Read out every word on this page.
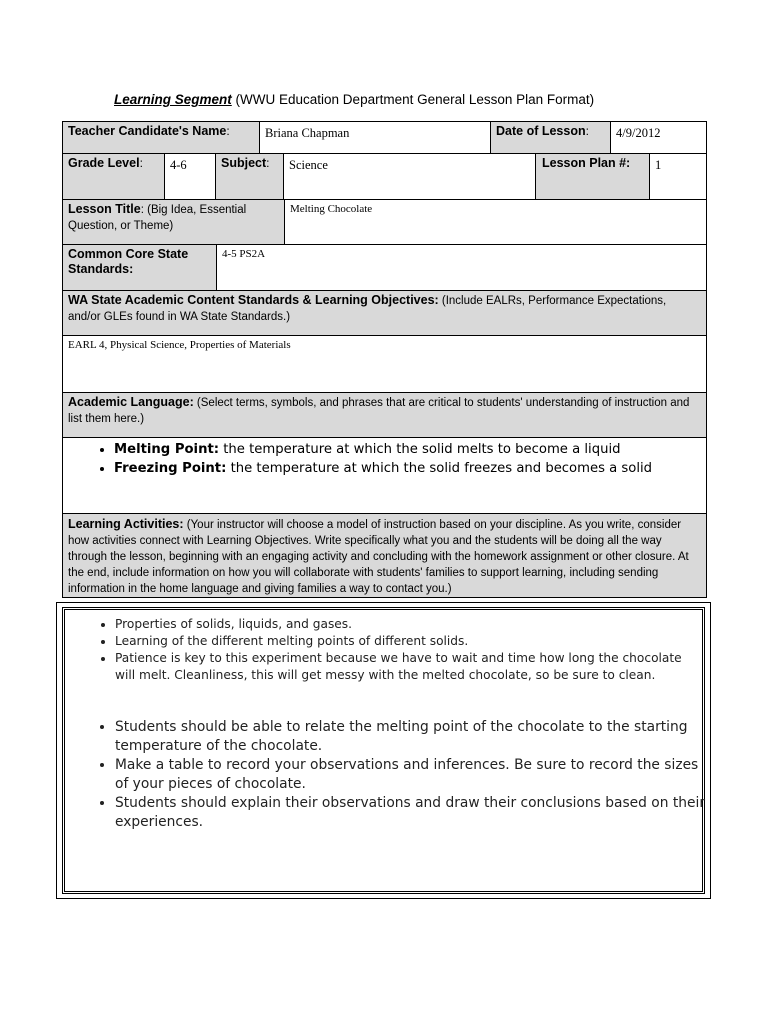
Learning Segment (WWU Education Department General Lesson Plan Format)
Teacher Candidate's Name:	Briana Chapman	Date of Lesson:	4/9/2012
Grade Level:	4-6	Subject:	Science	Lesson Plan #:	1
Lesson Title: (Big Idea, Essential Question, or Theme)
Melting Chocolate
Common Core State Standards:
4-5 PS2A
WA State Academic Content Standards & Learning Objectives: (Include EALRs, Performance Expectations, and/or GLEs found in WA State Standards.)
EARL 4, Physical Science, Properties of Materials
Academic Language: (Select terms, symbols, and phrases that are critical to students' understanding of instruction and list them here.)
• Melting Point: the temperature at which the solid melts to become a liquid
• Freezing Point: the temperature at which the solid freezes and becomes a solid
Learning Activities: (Your instructor will choose a model of instruction based on your discipline. As you write, consider how activities connect with Learning Objectives. Write specifically what you and the students will be doing all the way through the lesson, beginning with an engaging activity and concluding with the homework assignment or other closure. At the end, include information on how you will collaborate with students' families to support learning, including sending information in the home language and giving families a way to contact you.)
• Properties of solids, liquids, and gases.
• Learning of the different melting points of different solids.
• Patience is key to this experiment because we have to wait and time how long the chocolate will melt. Cleanliness, this will get messy with the melted chocolate, so be sure to clean.
• Students should be able to relate the melting point of the chocolate to the starting temperature of the chocolate.
• Make a table to record your observations and inferences. Be sure to record the sizes of your pieces of chocolate.
• Students should explain their observations and draw their conclusions based on their experiences.
